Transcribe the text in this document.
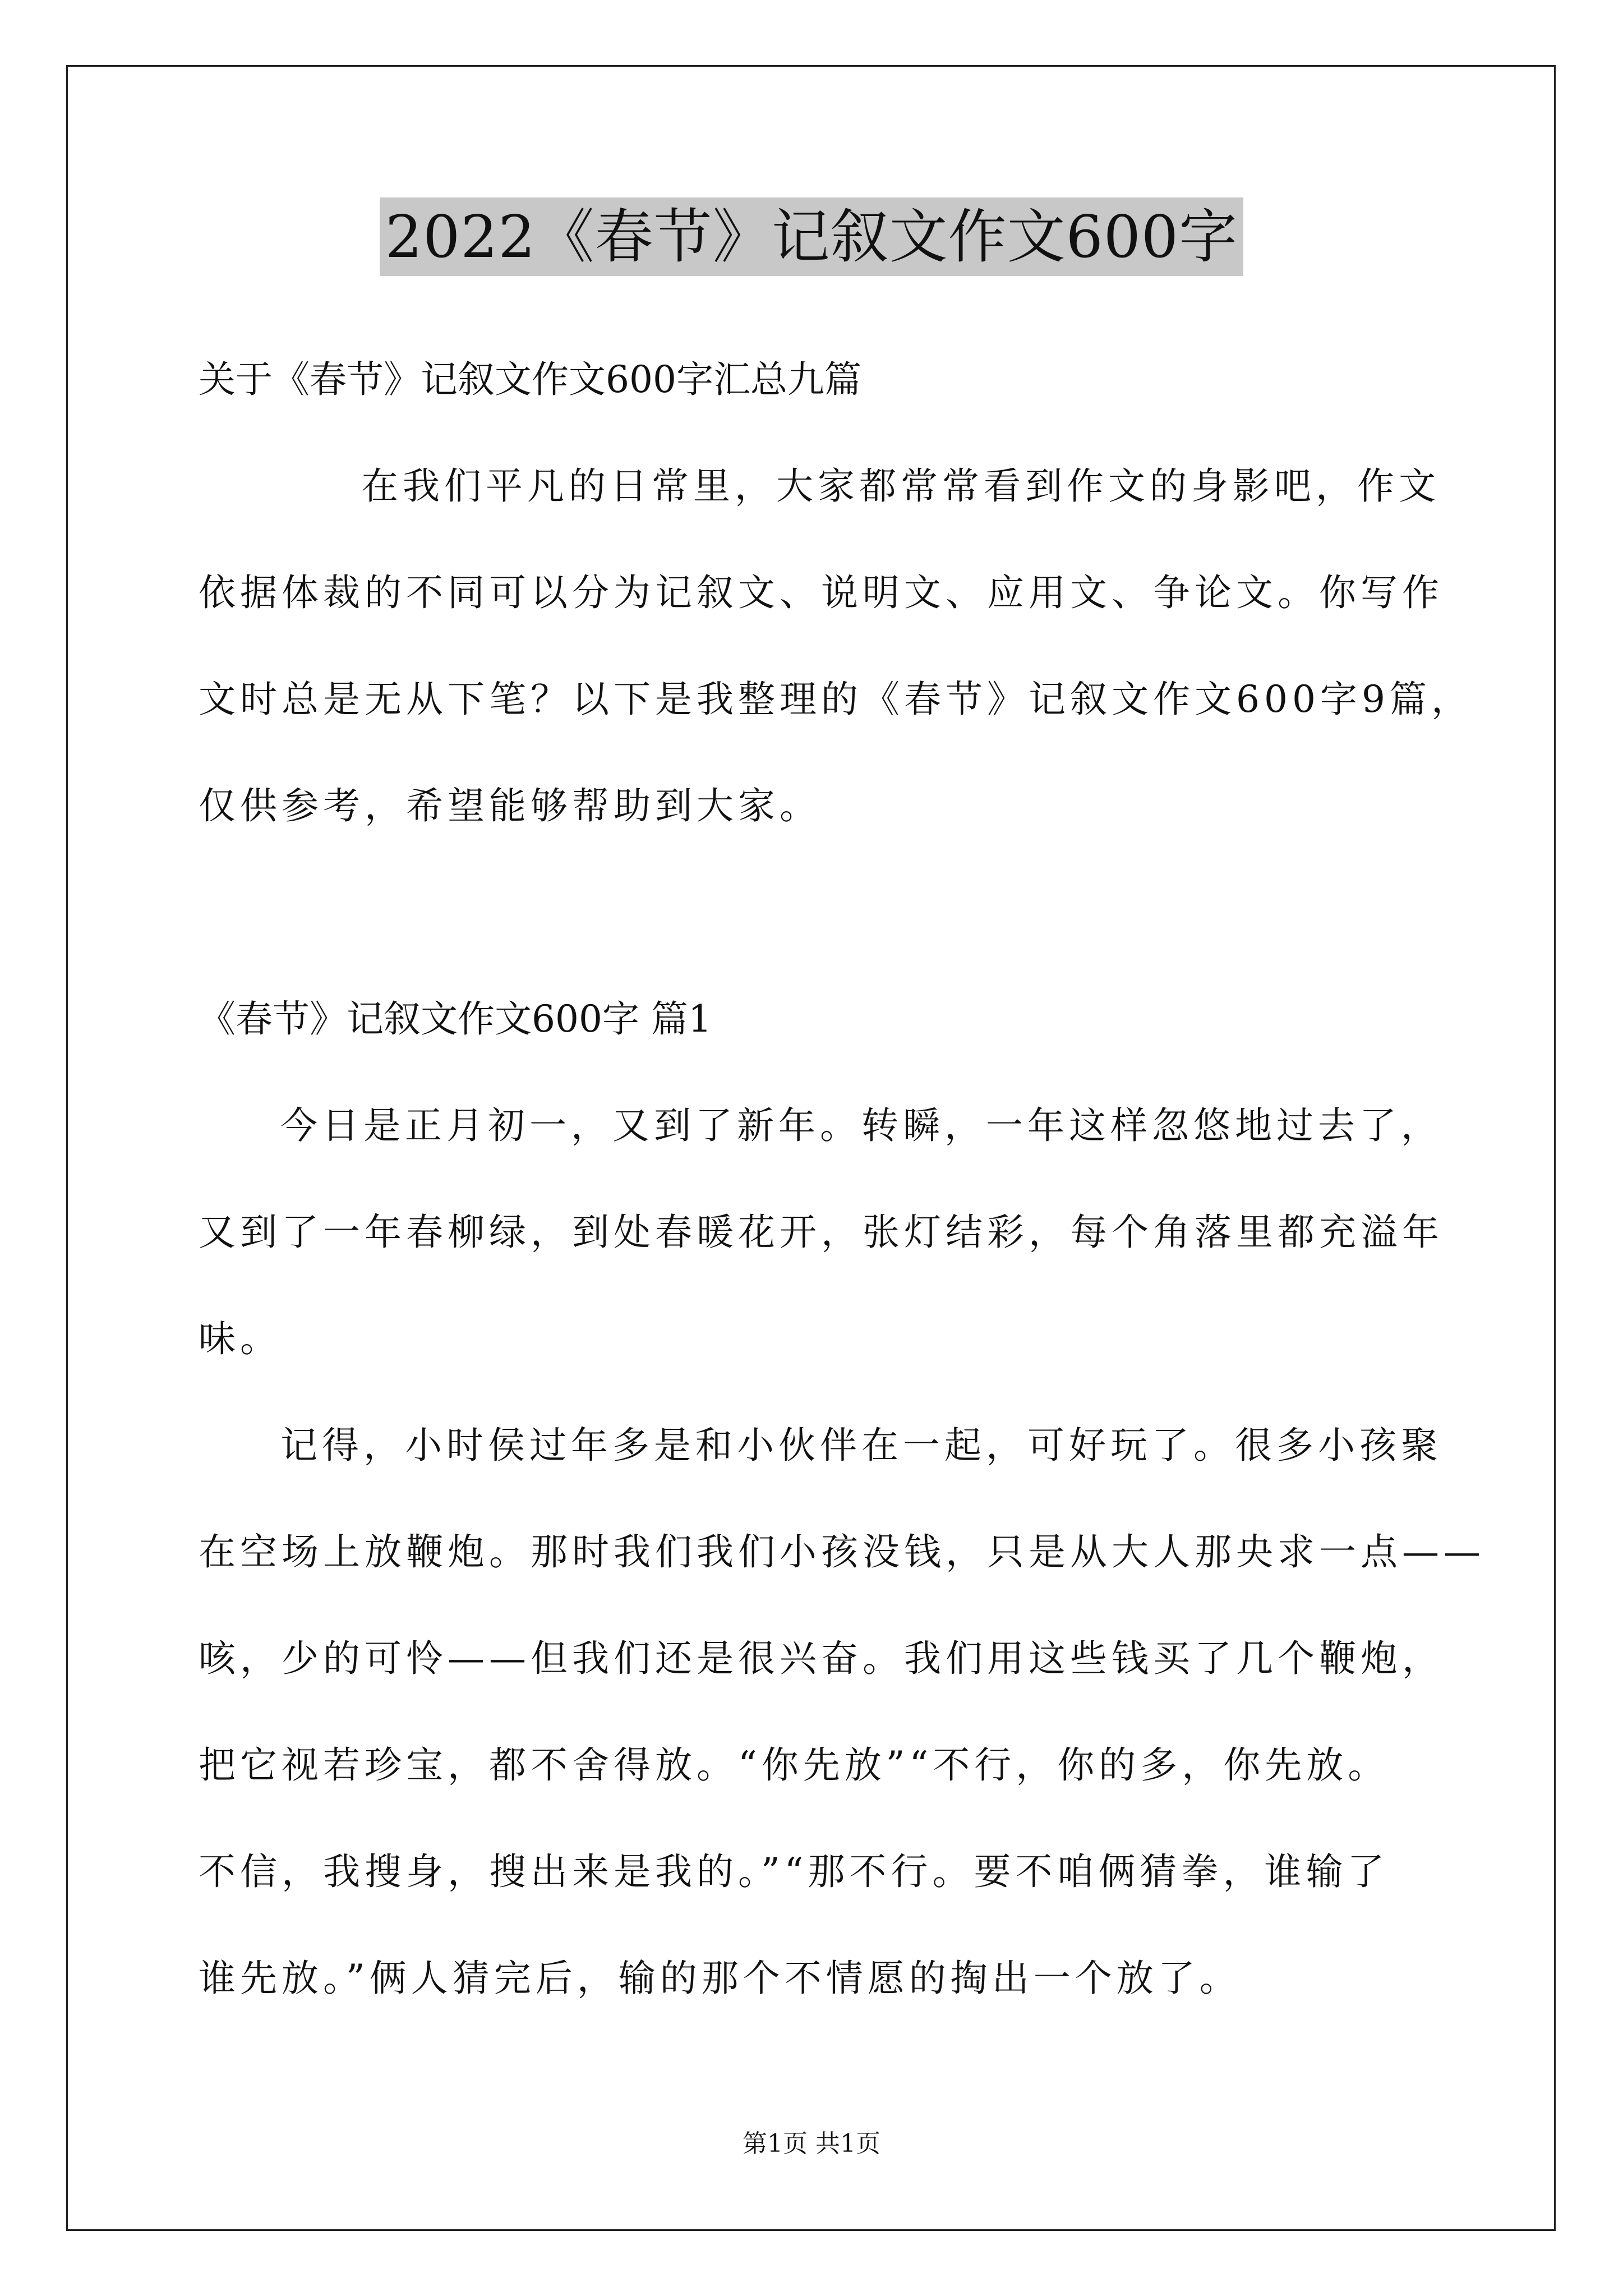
2022《春节》记叙文作文600字
关于《春节》记叙文作文600字汇总九篇
在我们平凡的日常里，大家都常常看到作文的身影吧，作文
依据体裁的不同可以分为记叙文、说明文、应用文、争论文。你写作
文时总是无从下笔？以下是我整理的《春节》记叙文作文600字9篇，
仅供参考，希望能够帮助到大家。
《春节》记叙文作文600字 篇1
今日是正月初一，又到了新年。转瞬，一年这样忽悠地过去了，
又到了一年春柳绿，到处春暖花开，张灯结彩，每个角落里都充溢年
味。
记得，小时侯过年多是和小伙伴在一起，可好玩了。很多小孩聚
在空场上放鞭炮。那时我们我们小孩没钱，只是从大人那央求一点——
咳，少的可怜——但我们还是很兴奋。我们用这些钱买了几个鞭炮，
把它视若珍宝，都不舍得放。“你先放”“不行，你的多，你先放。
不信，我搜身，搜出来是我的。”“那不行。要不咱俩猜拳，谁输了
谁先放。”俩人猜完后，输的那个不情愿的掏出一个放了。
第1页 共1页
